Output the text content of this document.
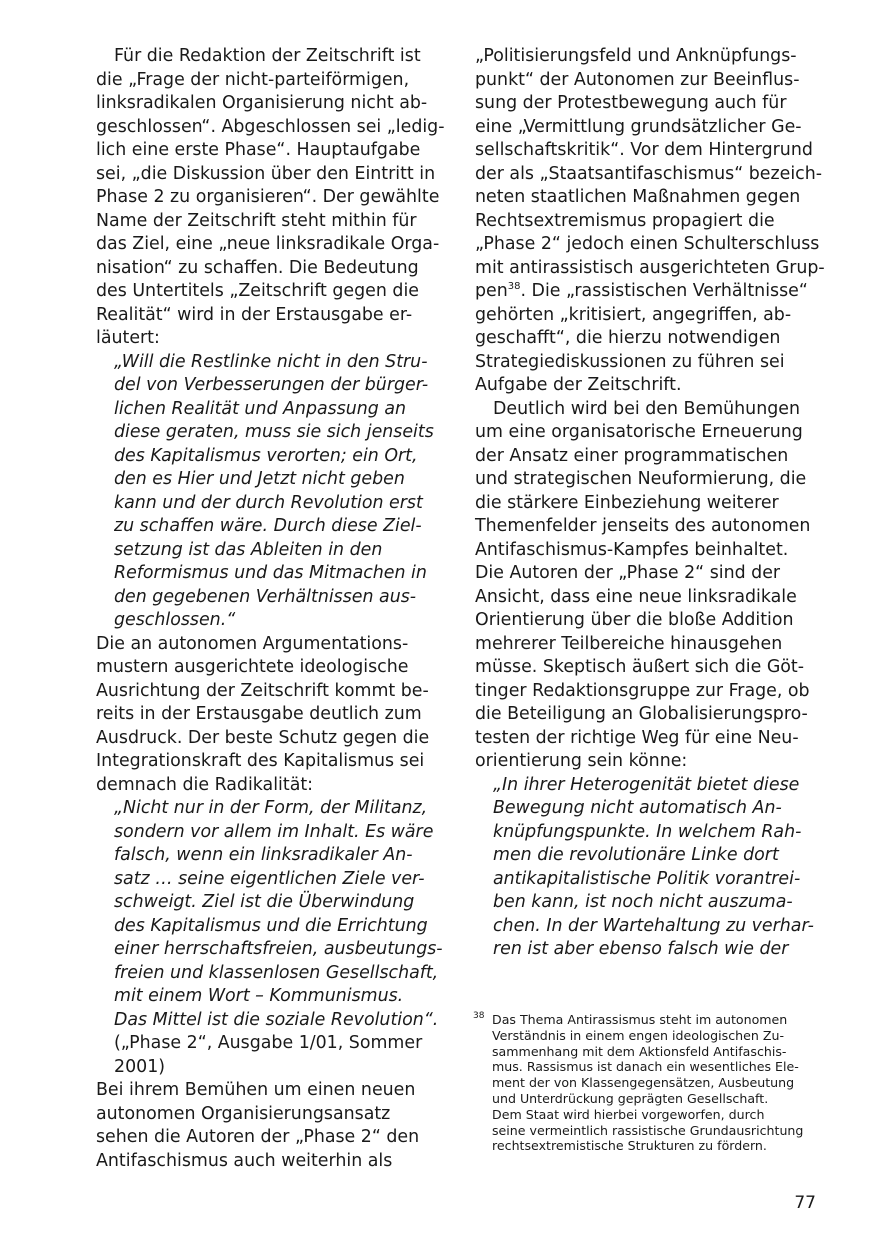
Für die Redaktion der Zeitschrift ist
die „Frage der nicht-parteiförmigen,
linksradikalen Organisierung nicht ab-
geschlossen“. Abgeschlossen sei „ledig-
lich eine erste Phase“. Hauptaufgabe
sei, „die Diskussion über den Eintritt in
Phase 2 zu organisieren“. Der gewählte
Name der Zeitschrift steht mithin für
das Ziel, eine „neue linksradikale Orga-
nisation“ zu schaffen. Die Bedeutung
des Untertitels „Zeitschrift gegen die
Realität“ wird in der Erstausgabe er-
läutert:
„Will die Restlinke nicht in den Stru-
del von Verbesserungen der bürger-
lichen Realität und Anpassung an
diese geraten, muss sie sich jenseits
des Kapitalismus verorten; ein Ort,
den es Hier und Jetzt nicht geben
kann und der durch Revolution erst
zu schaffen wäre. Durch diese Ziel-
setzung ist das Ableiten in den
Reformismus und das Mitmachen in
den gegebenen Verhältnissen aus-
geschlossen.“
Die an autonomen Argumentations-
mustern ausgerichtete ideologische
Ausrichtung der Zeitschrift kommt be-
reits in der Erstausgabe deutlich zum
Ausdruck. Der beste Schutz gegen die
Integrationskraft des Kapitalismus sei
demnach die Radikalität:
„Nicht nur in der Form, der Militanz,
sondern vor allem im Inhalt. Es wäre
falsch, wenn ein linksradikaler An-
satz … seine eigentlichen Ziele ver-
schweigt. Ziel ist die Überwindung
des Kapitalismus und die Errichtung
einer herrschaftsfreien, ausbeutungs-
freien und klassenlosen Gesellschaft,
mit einem Wort – Kommunismus.
Das Mittel ist die soziale Revolution“.
(„Phase 2“, Ausgabe 1/01, Sommer
2001)
Bei ihrem Bemühen um einen neuen
autonomen Organisierungsansatz
sehen die Autoren der „Phase 2“ den
Antifaschismus auch weiterhin als
„Politisierungsfeld und Anknüpfungs-
punkt“ der Autonomen zur Beeinflus-
sung der Protestbewegung auch für
eine „Vermittlung grundsätzlicher Ge-
sellschaftskritik“. Vor dem Hintergrund
der als „Staatsantifaschismus“ bezeich-
neten staatlichen Maßnahmen gegen
Rechtsextremismus propagiert die
„Phase 2“ jedoch einen Schulterschluss
mit antirassistisch ausgerichteten Grup-
pen$^{38}$. Die „rassistischen Verhältnisse“
gehörten „kritisiert, angegriffen, ab-
geschafft“, die hierzu notwendigen
Strategiediskussionen zu führen sei
Aufgabe der Zeitschrift.
Deutlich wird bei den Bemühungen
um eine organisatorische Erneuerung
der Ansatz einer programmatischen
und strategischen Neuformierung, die
die stärkere Einbeziehung weiterer
Themenfelder jenseits des autonomen
Antifaschismus-Kampfes beinhaltet.
Die Autoren der „Phase 2“ sind der
Ansicht, dass eine neue linksradikale
Orientierung über die bloße Addition
mehrerer Teilbereiche hinausgehen
müsse. Skeptisch äußert sich die Göt-
tinger Redaktionsgruppe zur Frage, ob
die Beteiligung an Globalisierungspro-
testen der richtige Weg für eine Neu-
orientierung sein könne:
„In ihrer Heterogenität bietet diese
Bewegung nicht automatisch An-
knüpfungspunkte. In welchem Rah-
men die revolutionäre Linke dort
antikapitalistische Politik vorantrei-
ben kann, ist noch nicht auszuma-
chen. In der Wartehaltung zu verhar-
ren ist aber ebenso falsch wie der
38 Das Thema Antirassismus steht im autonomen
Verständnis in einem engen ideologischen Zu-
sammenhang mit dem Aktionsfeld Antifaschis-
mus. Rassismus ist danach ein wesentliches Ele-
ment der von Klassengegensätzen, Ausbeutung
und Unterdrückung geprägten Gesellschaft.
Dem Staat wird hierbei vorgeworfen, durch
seine vermeintlich rassistische Grundausrichtung
rechtsextremistische Strukturen zu fördern.
77
